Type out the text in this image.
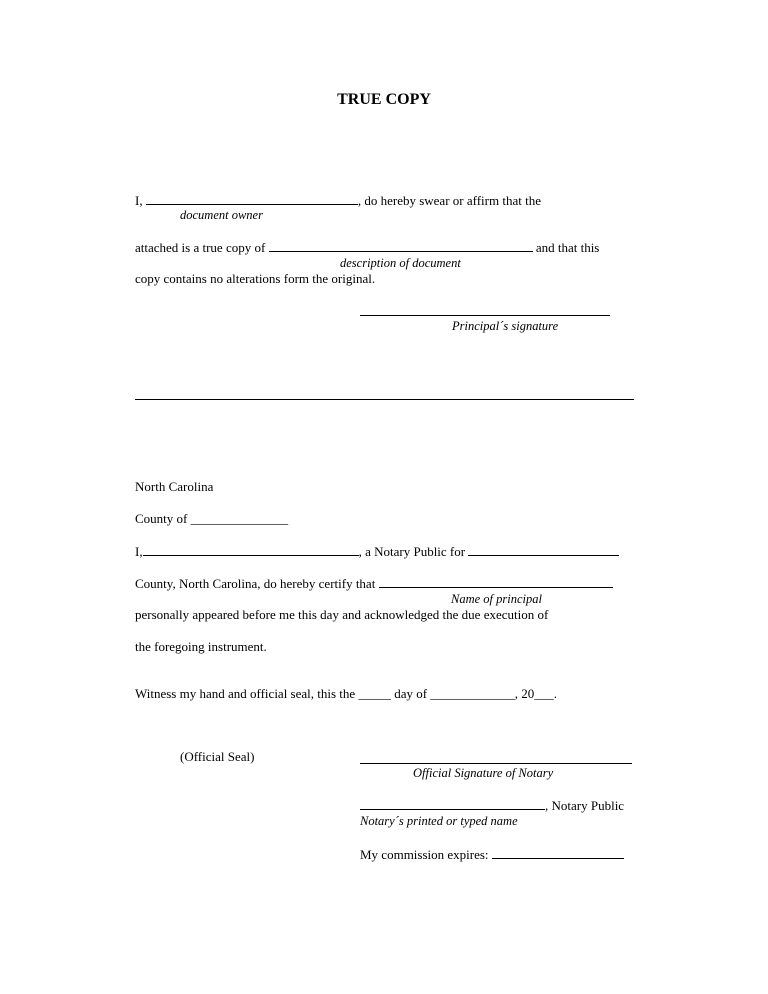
TRUE COPY
I,	, do hereby swear or affirm that the
document owner
attached is a true copy of	and that this
description of document
copy contains no alterations form the original.
Principal´s signature
North Carolina
County of _______________
I,	, a Notary Public for
County, North Carolina, do hereby certify that
Name of principal
personally appeared before me this day and acknowledged the due execution of
the foregoing instrument.
Witness my hand and official seal, this the _____ day of _____________, 20___.
(Official Seal)
Official Signature of Notary
, Notary Public
Notary´s printed or typed name
My commission expires:
